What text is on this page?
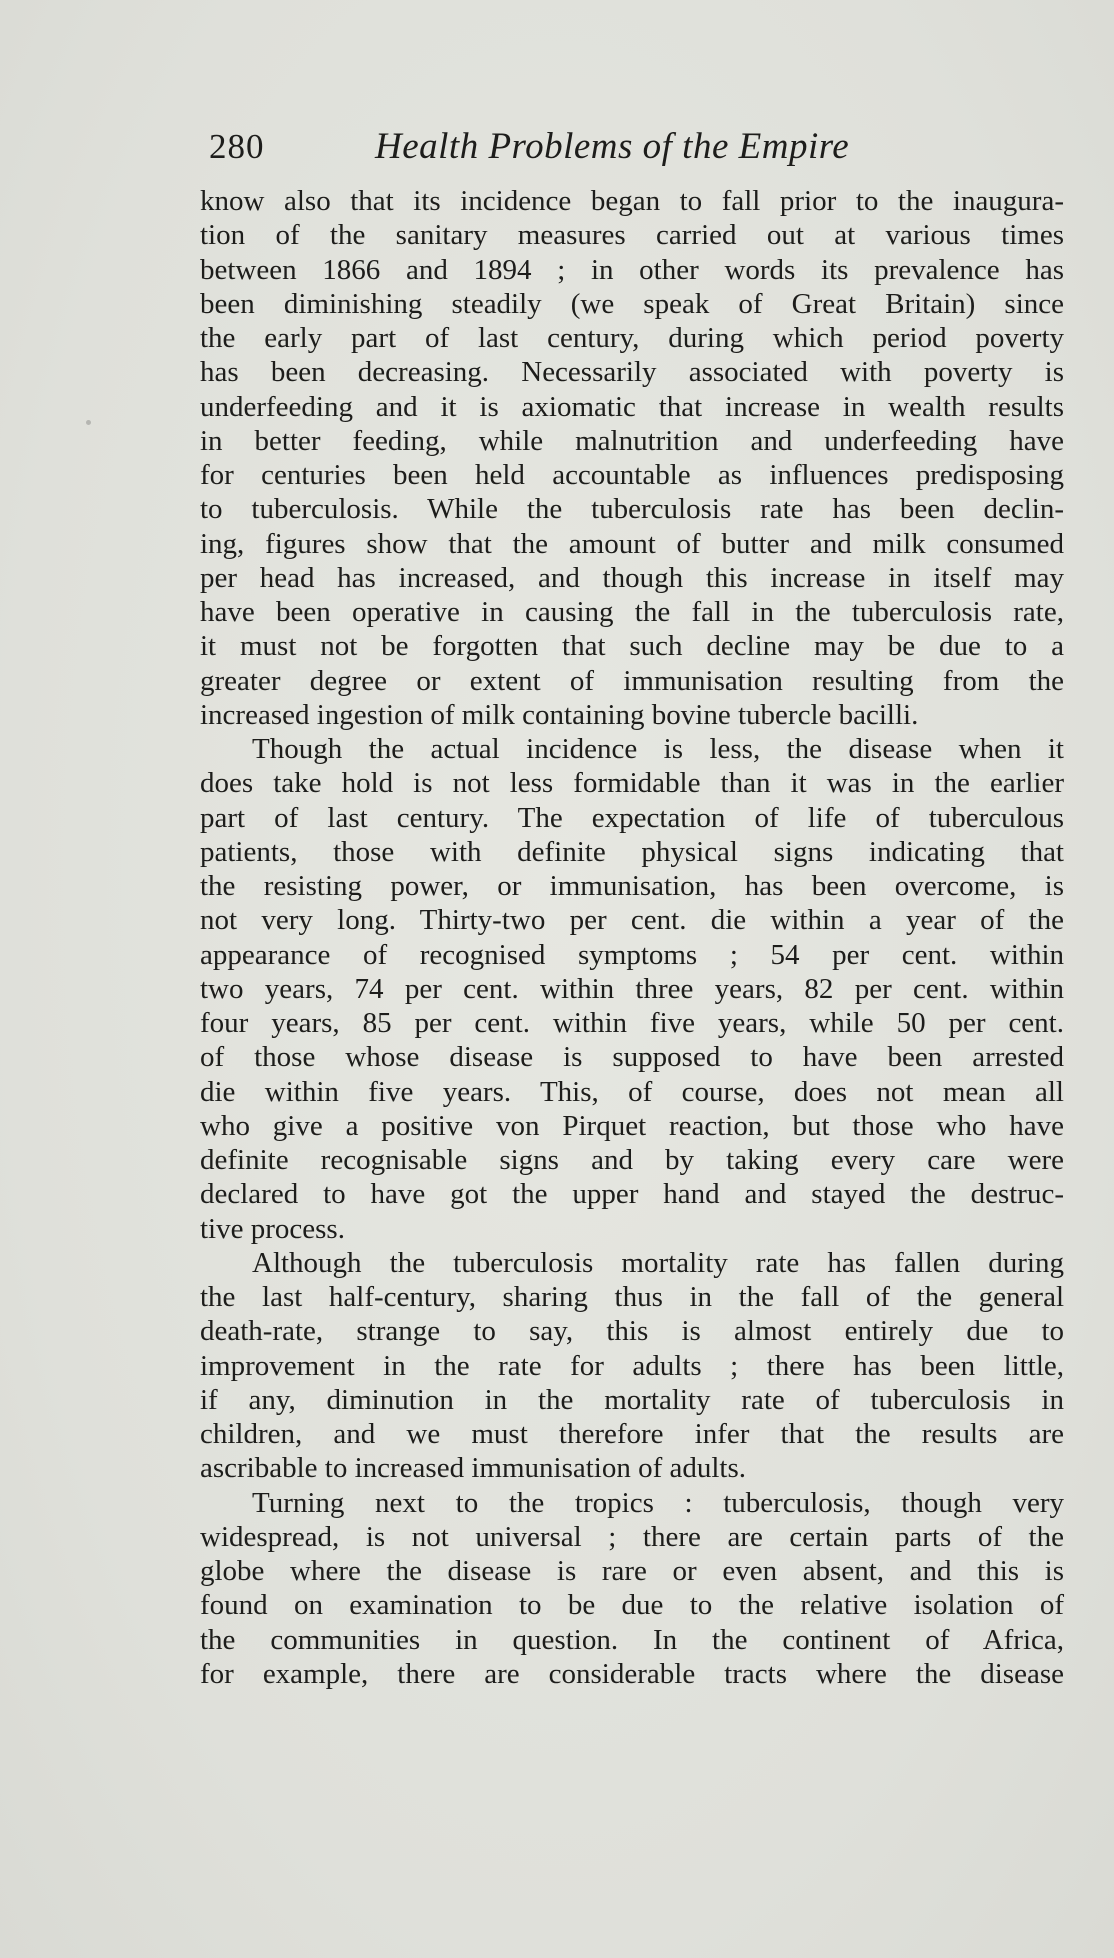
280	Health Problems of the Empire
know also that its incidence began to fall prior to the inaugura-
tion of the sanitary measures carried out at various times
between 1866 and 1894 ; in other words its prevalence has
been diminishing steadily (we speak of Great Britain) since
the early part of last century, during which period poverty
has been decreasing. Necessarily associated with poverty is
underfeeding and it is axiomatic that increase in wealth results
in better feeding, while malnutrition and underfeeding have
for centuries been held accountable as influences predisposing
to tuberculosis. While the tuberculosis rate has been declin-
ing, figures show that the amount of butter and milk consumed
per head has increased, and though this increase in itself may
have been operative in causing the fall in the tuberculosis rate,
it must not be forgotten that such decline may be due to a
greater degree or extent of immunisation resulting from the
increased ingestion of milk containing bovine tubercle bacilli.
Though the actual incidence is less, the disease when it
does take hold is not less formidable than it was in the earlier
part of last century. The expectation of life of tuberculous
patients, those with definite physical signs indicating that
the resisting power, or immunisation, has been overcome, is
not very long. Thirty-two per cent. die within a year of the
appearance of recognised symptoms ; 54 per cent. within
two years, 74 per cent. within three years, 82 per cent. within
four years, 85 per cent. within five years, while 50 per cent.
of those whose disease is supposed to have been arrested
die within five years. This, of course, does not mean all
who give a positive von Pirquet reaction, but those who have
definite recognisable signs and by taking every care were
declared to have got the upper hand and stayed the destruc-
tive process.
Although the tuberculosis mortality rate has fallen during
the last half-century, sharing thus in the fall of the general
death-rate, strange to say, this is almost entirely due to
improvement in the rate for adults ; there has been little,
if any, diminution in the mortality rate of tuberculosis in
children, and we must therefore infer that the results are
ascribable to increased immunisation of adults.
Turning next to the tropics : tuberculosis, though very
widespread, is not universal ; there are certain parts of the
globe where the disease is rare or even absent, and this is
found on examination to be due to the relative isolation of
the communities in question. In the continent of Africa,
for example, there are considerable tracts where the disease
